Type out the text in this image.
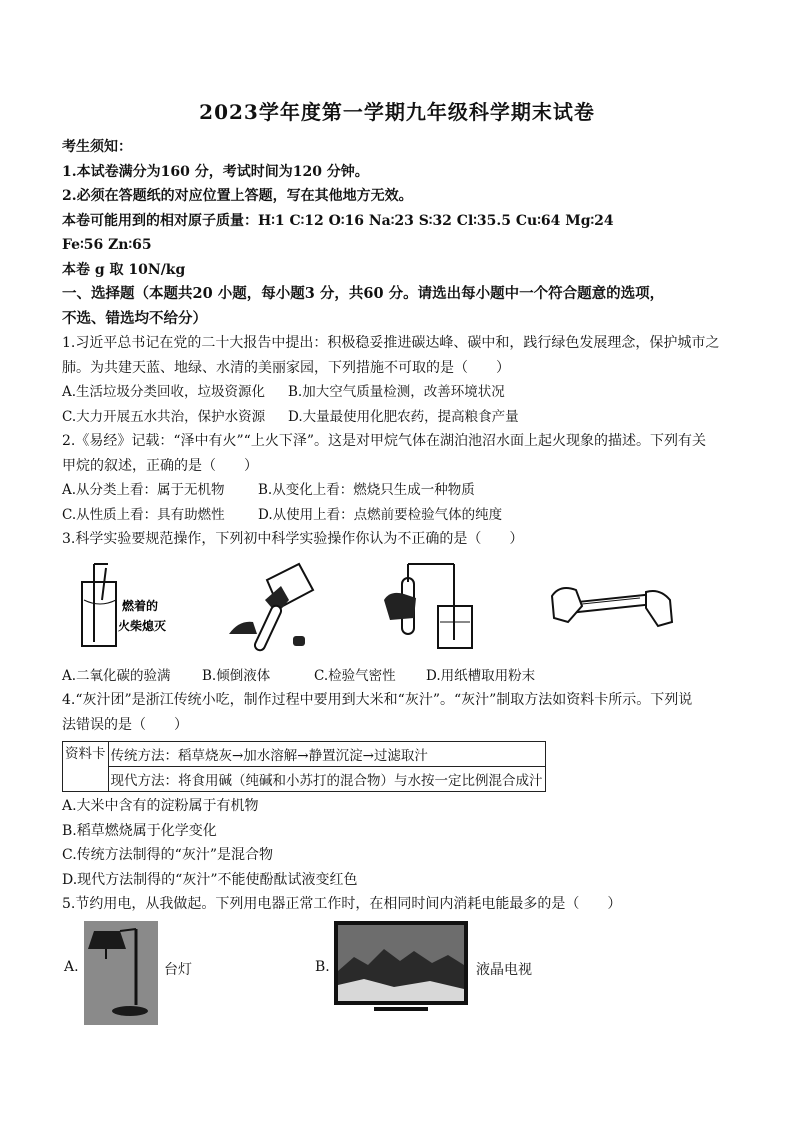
2023学年度第一学期九年级科学期末试卷
考生须知：
1.本试卷满分为160 分，考试时间为120 分钟。
2.必须在答题纸的对应位置上答题，写在其他地方无效。
本卷可能用到的相对原子质量：H∶1 C∶12 O∶16 Na∶23 S∶32 Cl∶35.5 Cu∶64 Mg∶24
Fe∶56 Zn∶65
本卷 g 取 10N/kg
一、选择题（本题共20 小题，每小题3 分，共60 分。请选出每小题中一个符合题意的选项，
不选、错选均不给分）
1.习近平总书记在党的二十大报告中提出：积极稳妥推进碳达峰、碳中和，践行绿色发展理念，保护城市之
肺。为共建天蓝、地绿、水清的美丽家园，下列措施不可取的是（　　）
A.生活垃圾分类回收，垃圾资源化	B.加大空气质量检测，改善环境状况
C.大力开展五水共治，保护水资源	D.大量最使用化肥农药，提高粮食产量
2.《易经》记载：“泽中有火”“上火下泽”。这是对甲烷气体在湖泊池沼水面上起火现象的描述。下列有关
甲烷的叙述，正确的是（　　）
A.从分类上看：属于无机物	B.从变化上看：燃烧只生成一种物质
C.从性质上看：具有助燃性	D.从使用上看：点燃前要检验气体的纯度
3.科学实验要规范操作，下列初中科学实验操作你认为不正确的是（　　）
燃着的
火柴熄灭
A.二氧化碳的验满	B.倾倒液体	C.检验气密性	D.用纸槽取用粉末
4.“灰汁团”是浙江传统小吃，制作过程中要用到大米和“灰汁”。“灰汁”制取方法如资料卡所示。下列说
法错误的是（　　）
资料卡	传统方法：稻草烧灰→加水溶解→静置沉淀→过滤取汁
现代方法：将食用碱（纯碱和小苏打的混合物）与水按一定比例混合成汁
A.大米中含有的淀粉属于有机物
B.稻草燃烧属于化学变化
C.传统方法制得的“灰汁”是混合物
D.现代方法制得的“灰汁”不能使酚酞试液变红色
5.节约用电，从我做起。下列用电器正常工作时，在相同时间内消耗电能最多的是（　　）
A.	台灯	B.	液晶电视
